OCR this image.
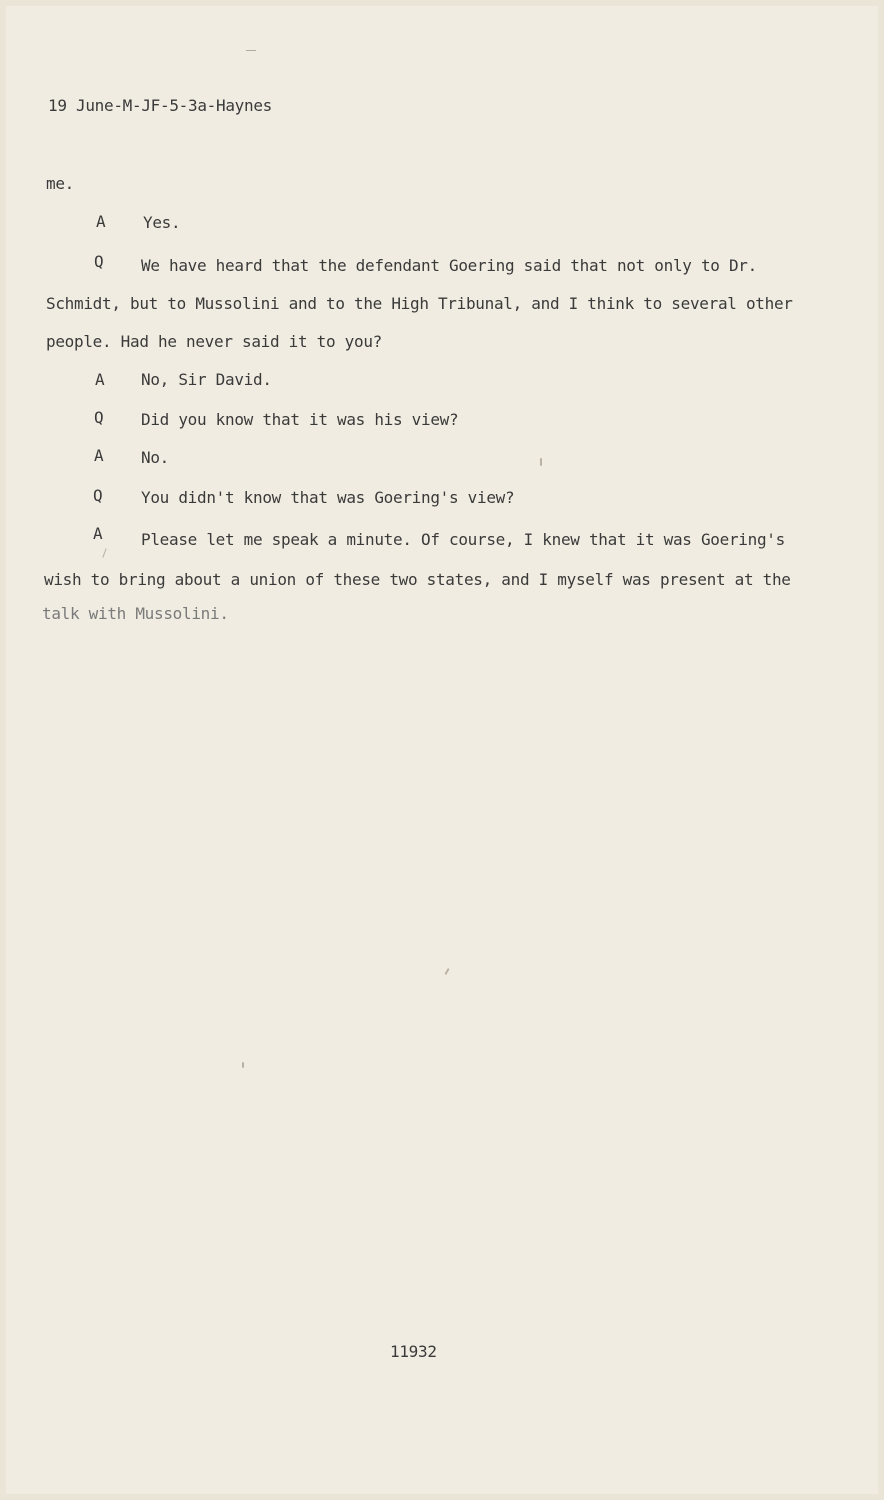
19 June-M-JF-5-3a-Haynes
me.
A Yes.
Q We have heard that the defendant Goering said that not only to Dr.
Schmidt, but to Mussolini and to the High Tribunal, and I think to several other
people. Had he never said it to you?
A No, Sir David.
Q Did you know that it was his view?
A No.
Q You didn't know that was Goering's view?
A Please let me speak a minute. Of course, I knew that it was Goering's
wish to bring about a union of these two states, and I myself was present at the
talk with Mussolini.
11932
